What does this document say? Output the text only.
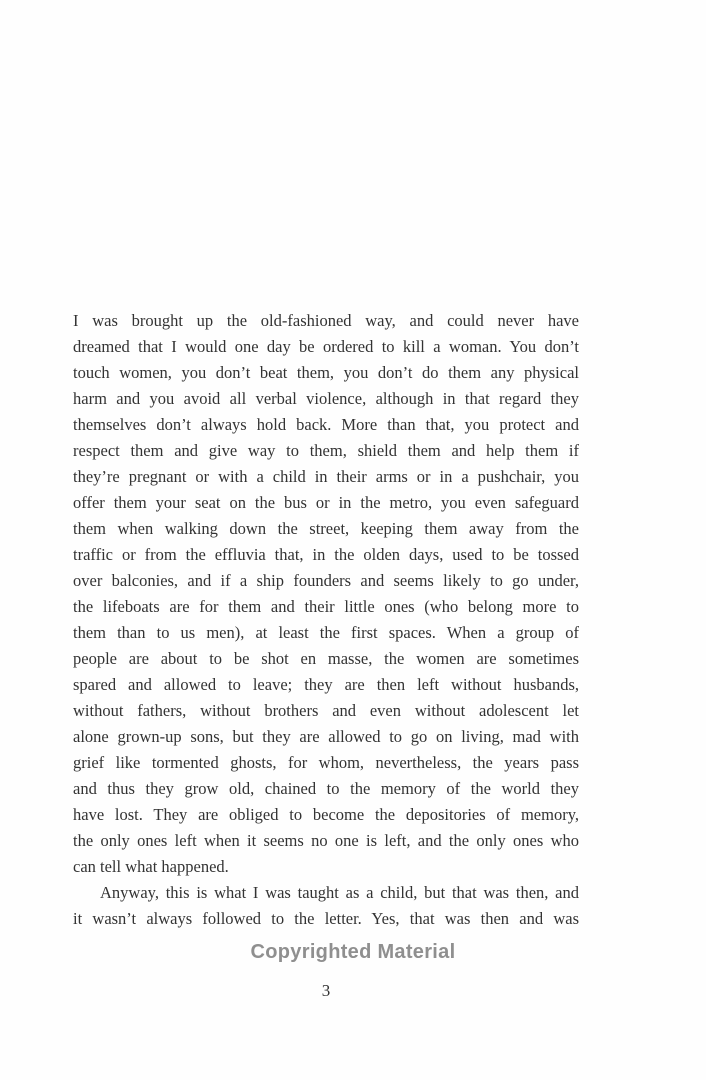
I was brought up the old-fashioned way, and could never have
dreamed that I would one day be ordered to kill a woman. You don’t
touch women, you don’t beat them, you don’t do them any physical
harm and you avoid all verbal violence, although in that regard they
themselves don’t always hold back. More than that, you protect and
respect them and give way to them, shield them and help them if
they’re pregnant or with a child in their arms or in a pushchair, you
offer them your seat on the bus or in the metro, you even safeguard
them when walking down the street, keeping them away from the
traffic or from the effluvia that, in the olden days, used to be tossed
over balconies, and if a ship founders and seems likely to go under,
the lifeboats are for them and their little ones (who belong more to
them than to us men), at least the first spaces. When a group of
people are about to be shot en masse, the women are sometimes
spared and allowed to leave; they are then left without husbands,
without fathers, without brothers and even without adolescent let
alone grown-up sons, but they are allowed to go on living, mad with
grief like tormented ghosts, for whom, nevertheless, the years pass
and thus they grow old, chained to the memory of the world they
have lost. They are obliged to become the depositories of memory,
the only ones left when it seems no one is left, and the only ones who
can tell what happened.
Anyway, this is what I was taught as a child, but that was then, and
it wasn’t always followed to the letter. Yes, that was then and was
Copyrighted Material
3
